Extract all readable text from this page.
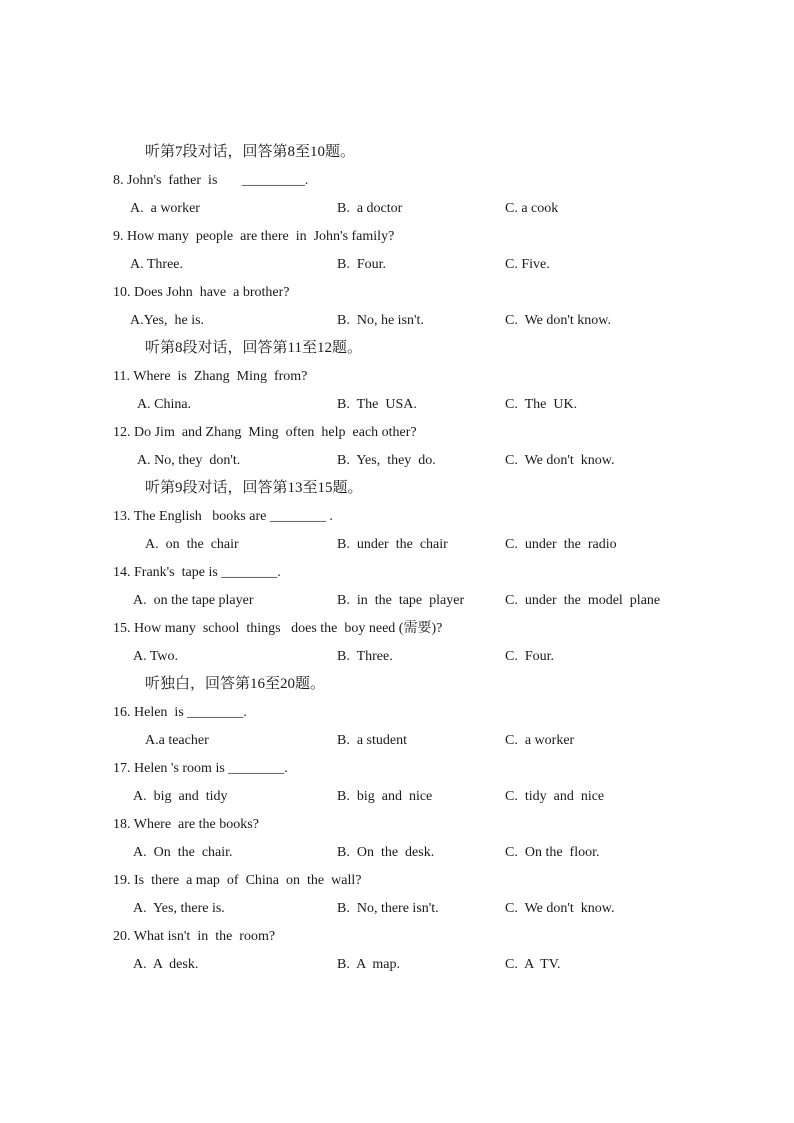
听第7段对话，回答第8至10题。
8. John's  father  is       _________.
A.  a worker	B.  a doctor	C. a cook
9. How many  people  are there  in  John's family?
A. Three.	B.  Four.	C. Five.
10. Does John  have  a brother?
A.Yes,  he is.	B.  No, he isn't.	C.  We don't know.
听第8段对话，回答第11至12题。
11. Where  is  Zhang  Ming  from?
A. China.	B.  The  USA.	C.  The  UK.
12. Do Jim  and Zhang  Ming  often  help  each other?
A. No, they  don't.	B.  Yes,  they  do.	C.  We don't  know.
听第9段对话，回答第13至15题。
13. The English   books are ________ .
A.  on  the  chair	B.  under  the  chair	C.  under  the  radio
14. Frank's  tape is ________.
A.  on the tape player	B.  in  the  tape  player	C.  under  the  model  plane
15. How many  school  things   does the  boy need (需要)?
A. Two.	B.  Three.	C.  Four.
听独白，回答第16至20题。
16. Helen  is ________.
A.a teacher	B.  a student	C.  a worker
17. Helen 's room is ________.
A.  big  and  tidy	B.  big  and  nice	C.  tidy  and  nice
18. Where  are the books?
A.  On  the  chair.	B.  On  the  desk.	C.  On the  floor.
19. Is  there  a map  of  China  on  the  wall?
A.  Yes, there is.	B.  No, there isn't.	C.  We don't  know.
20. What isn't  in  the  room?
A.  A  desk.	B.  A  map.	C.  A  TV.
